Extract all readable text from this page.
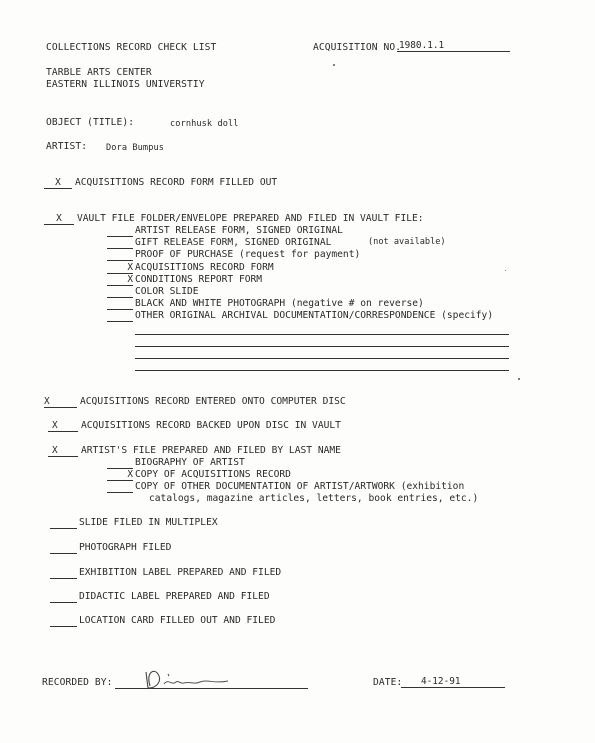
COLLECTIONS RECORD CHECK LIST	ACQUISITION NO.
1980.1.1
TARBLE ARTS CENTER
EASTERN ILLINOIS UNIVERSTIY
OBJECT (TITLE):	cornhusk doll
ARTIST: Dora Bumpus
X	ACQUISITIONS RECORD FORM FILLED OUT
X	VAULT FILE FOLDER/ENVELOPE PREPARED AND FILED IN VAULT FILE:
ARTIST RELEASE FORM, SIGNED ORIGINAL
GIFT RELEASE FORM, SIGNED ORIGINAL	(not available)
PROOF OF PURCHASE (request for payment)
X ACQUISITIONS RECORD FORM
X CONDITIONS REPORT FORM
COLOR SLIDE
BLACK AND WHITE PHOTOGRAPH (negative # on reverse)
OTHER ORIGINAL ARCHIVAL DOCUMENTATION/CORRESPONDENCE (specify)
X	ACQUISITIONS RECORD ENTERED ONTO COMPUTER DISC
X	ACQUISITIONS RECORD BACKED UPON DISC IN VAULT
X	ARTIST'S FILE PREPARED AND FILED BY LAST NAME
BIOGRAPHY OF ARTIST
X COPY OF ACQUISITIONS RECORD
COPY OF OTHER DOCUMENTATION OF ARTIST/ARTWORK (exhibition
catalogs, magazine articles, letters, book entries, etc.)
SLIDE FILED IN MULTIPLEX
PHOTOGRAPH FILED
EXHIBITION LABEL PREPARED AND FILED
DIDACTIC LABEL PREPARED AND FILED
LOCATION CARD FILLED OUT AND FILED
RECORDED BY:	DATE:	4-12-91
